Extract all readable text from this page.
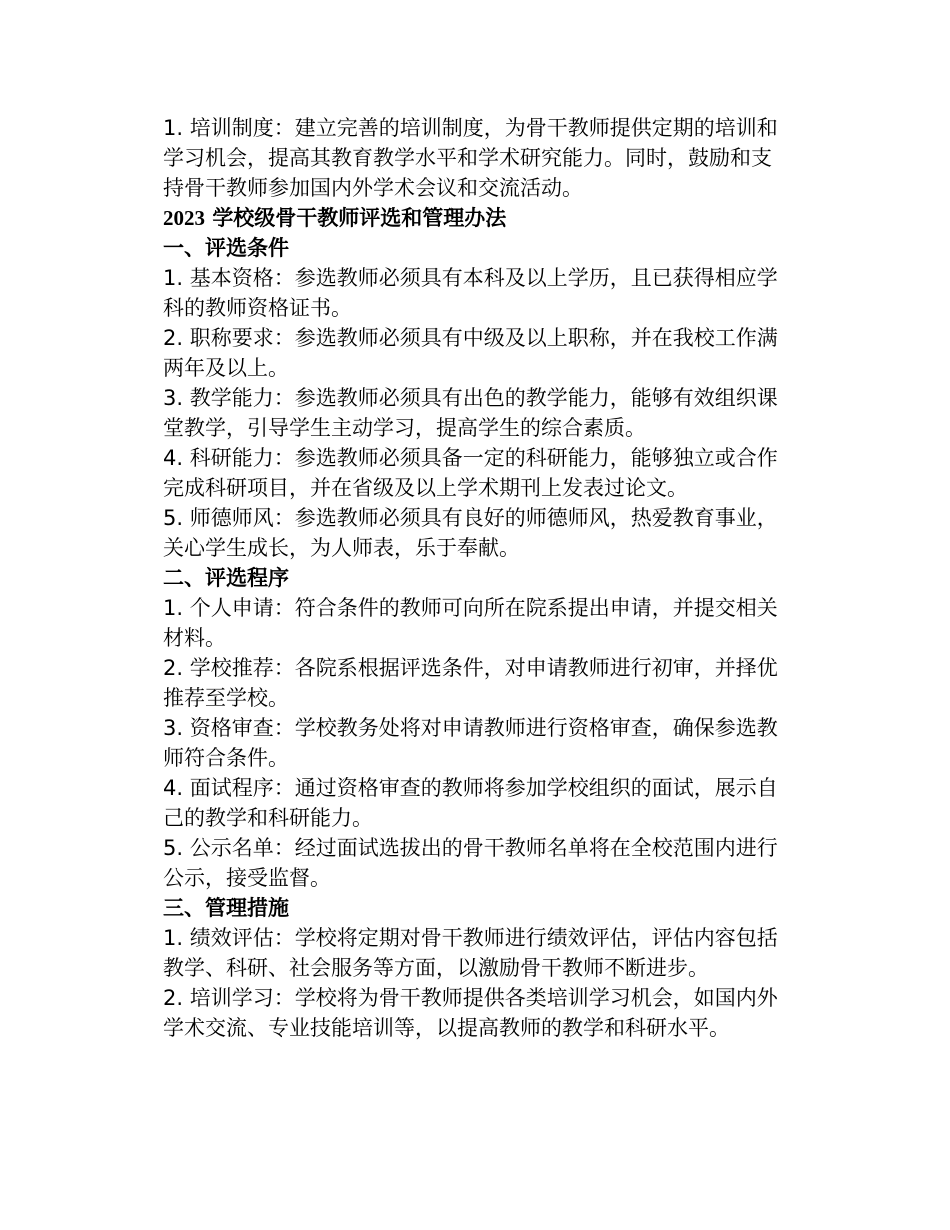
1. 培训制度：建立完善的培训制度，为骨干教师提供定期的培训和学习机会，提高其教育教学水平和学术研究能力。同时，鼓励和支持骨干教师参加国内外学术会议和交流活动。

2023 学校级骨干教师评选和管理办法

一、评选条件

1. 基本资格：参选教师必须具有本科及以上学历，且已获得相应学科的教师资格证书。

2. 职称要求：参选教师必须具有中级及以上职称，并在我校工作满两年及以上。

3. 教学能力：参选教师必须具有出色的教学能力，能够有效组织课堂教学，引导学生主动学习，提高学生的综合素质。

4. 科研能力：参选教师必须具备一定的科研能力，能够独立或合作完成科研项目，并在省级及以上学术期刊上发表过论文。

5. 师德师风：参选教师必须具有良好的师德师风，热爱教育事业，关心学生成长，为人师表，乐于奉献。

二、评选程序

1. 个人申请：符合条件的教师可向所在院系提出申请，并提交相关材料。

2. 学校推荐：各院系根据评选条件，对申请教师进行初审，并择优推荐至学校。

3. 资格审查：学校教务处将对申请教师进行资格审查，确保参选教师符合条件。

4. 面试程序：通过资格审查的教师将参加学校组织的面试，展示自己的教学和科研能力。

5. 公示名单：经过面试选拔出的骨干教师名单将在全校范围内进行公示，接受监督。

三、管理措施

1. 绩效评估：学校将定期对骨干教师进行绩效评估，评估内容包括教学、科研、社会服务等方面，以激励骨干教师不断进步。

2. 培训学习：学校将为骨干教师提供各类培训学习机会，如国内外学术交流、专业技能培训等，以提高教师的教学和科研水平。
